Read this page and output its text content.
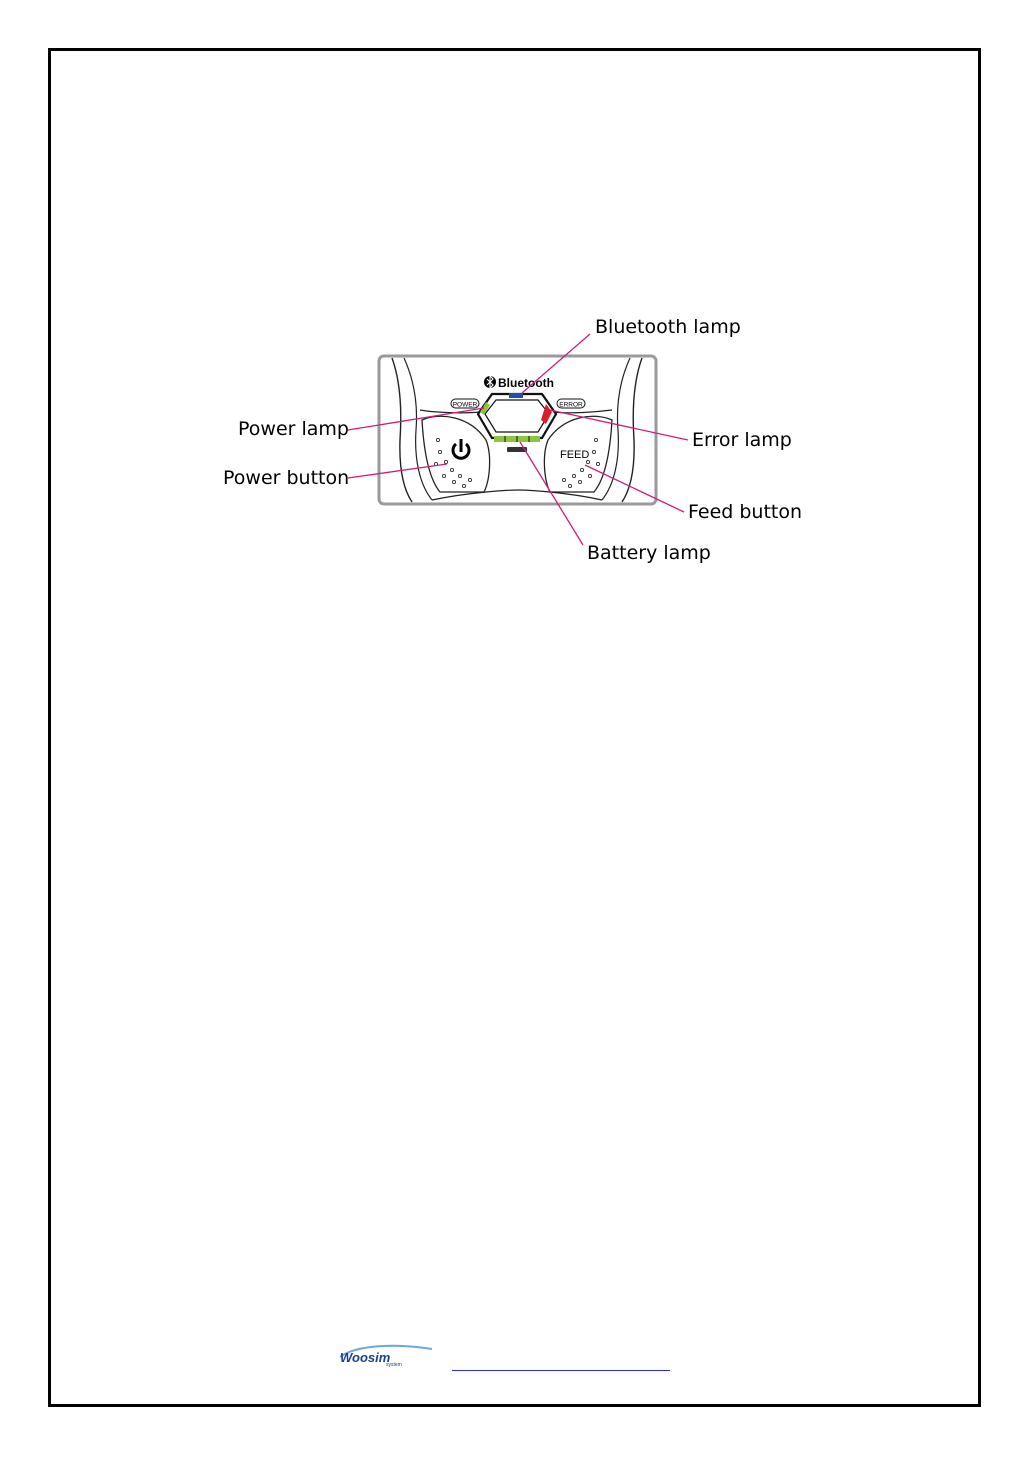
Bluetooth
POWER	ERROR
FEED
Bluetooth lamp
Power lamp	Error lamp
Power button
Feed button
Battery lamp
Woosim
system
